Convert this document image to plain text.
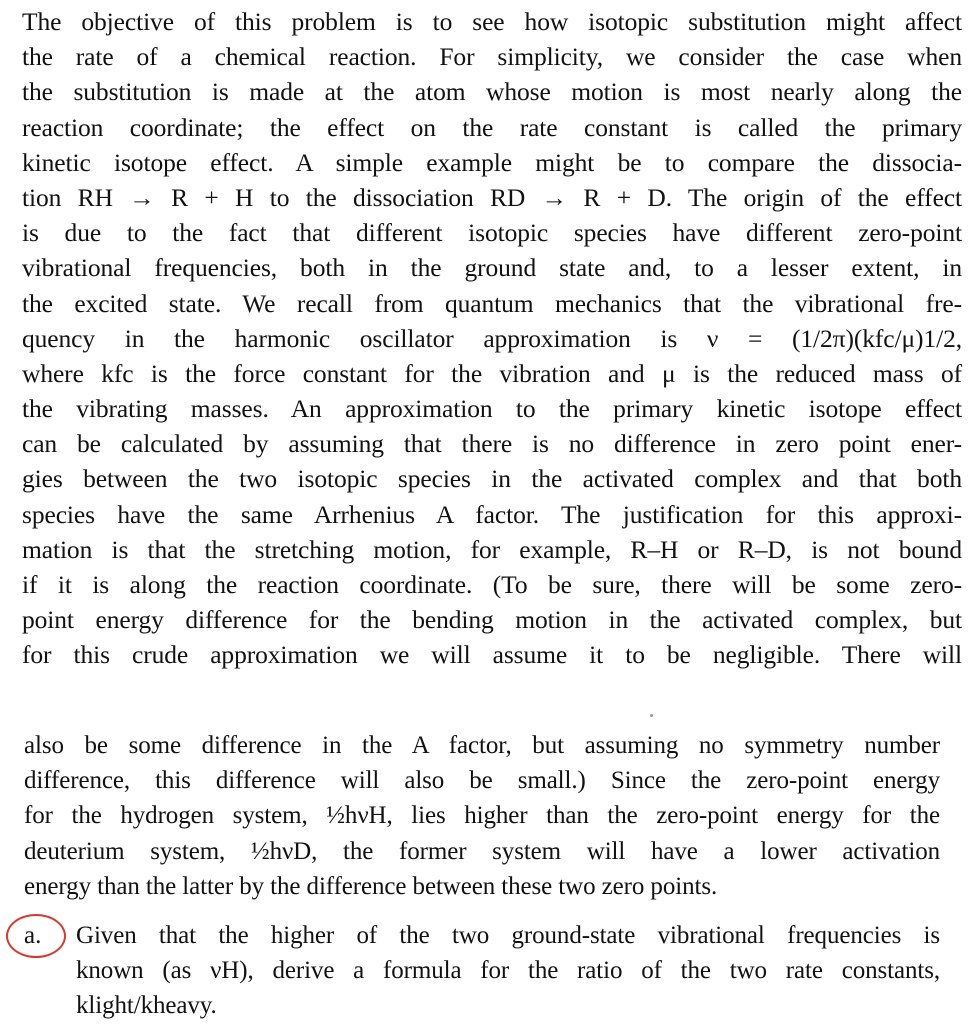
The objective of this problem is to see how isotopic substitution might affect
the rate of a chemical reaction. For simplicity, we consider the case when
the substitution is made at the atom whose motion is most nearly along the
reaction coordinate; the effect on the rate constant is called the primary
kinetic isotope effect. A simple example might be to compare the dissocia-
tion RH → R + H to the dissociation RD → R + D. The origin of the effect
is due to the fact that different isotopic species have different zero-point
vibrational frequencies, both in the ground state and, to a lesser extent, in
the excited state. We recall from quantum mechanics that the vibrational fre-
quency in the harmonic oscillator approximation is ν = (1/2π)(kfc/μ)1/2,
where kfc is the force constant for the vibration and μ is the reduced mass of
the vibrating masses. An approximation to the primary kinetic isotope effect
can be calculated by assuming that there is no difference in zero point ener-
gies between the two isotopic species in the activated complex and that both
species have the same Arrhenius A factor. The justification for this approxi-
mation is that the stretching motion, for example, R–H or R–D, is not bound
if it is along the reaction coordinate. (To be sure, there will be some zero-
point energy difference for the bending motion in the activated complex, but
for this crude approximation we will assume it to be negligible. There will
also be some difference in the A factor, but assuming no symmetry number
difference, this difference will also be small.) Since the zero-point energy
for the hydrogen system, ½hνH, lies higher than the zero-point energy for the
deuterium system, ½hνD, the former system will have a lower activation
energy than the latter by the difference between these two zero points.
a. Given that the higher of the two ground-state vibrational frequencies is
known (as νH), derive a formula for the ratio of the two rate constants,
klight/kheavy.
